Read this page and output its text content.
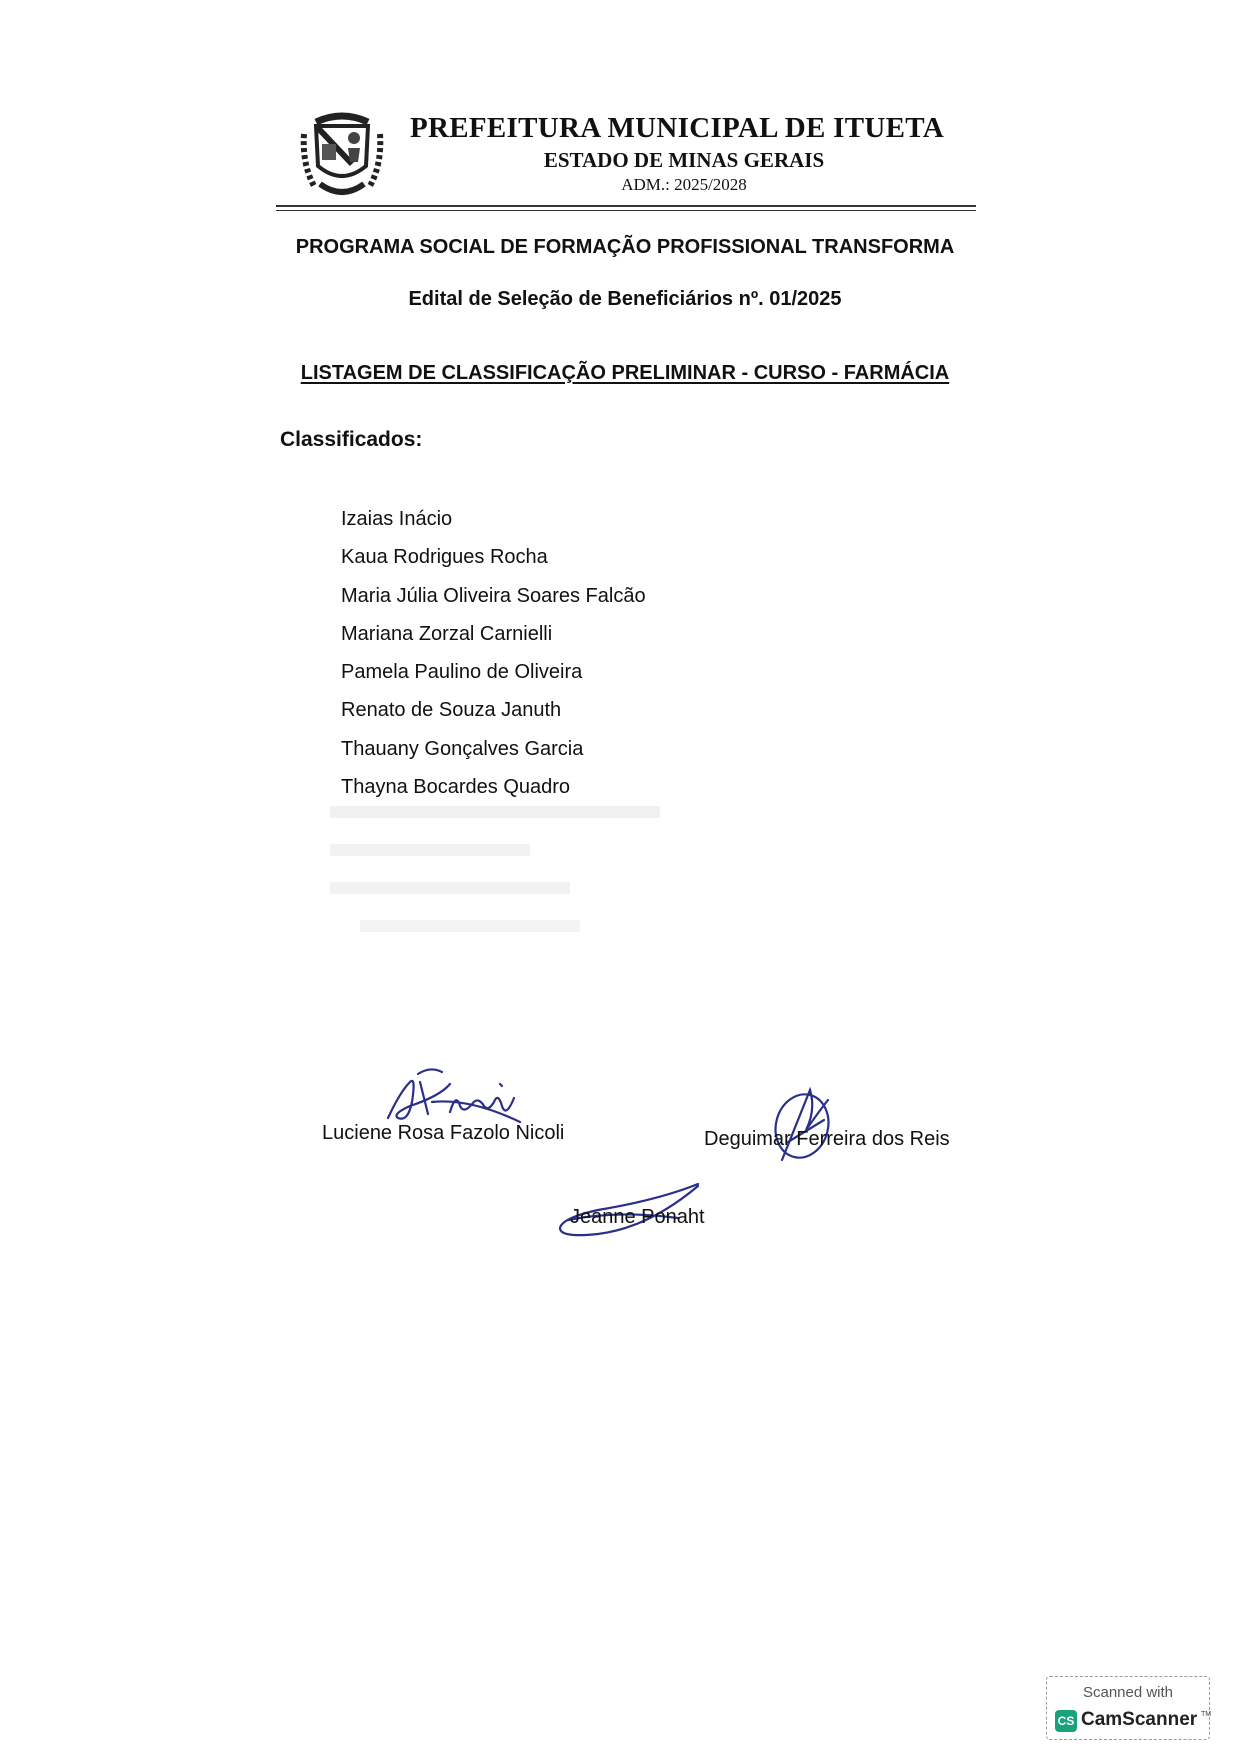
PREFEITURA MUNICIPAL DE ITUETA
ESTADO DE MINAS GERAIS
ADM.: 2025/2028
PROGRAMA SOCIAL DE FORMAÇÃO PROFISSIONAL TRANSFORMA
Edital de Seleção de Beneficiários nº. 01/2025
LISTAGEM DE CLASSIFICAÇÃO PRELIMINAR - CURSO - FARMÁCIA
Classificados:
Izaias Inácio
Kaua Rodrigues Rocha
Maria Júlia Oliveira Soares Falcão
Mariana Zorzal Carnielli
Pamela Paulino de Oliveira
Renato de Souza Januth
Thauany Gonçalves Garcia
Thayna Bocardes Quadro
Luciene Rosa Fazolo Nicoli	Deguimar Ferreira dos Reis
Jeanne Ponaht
Scanned with
CS CamScanner TM
